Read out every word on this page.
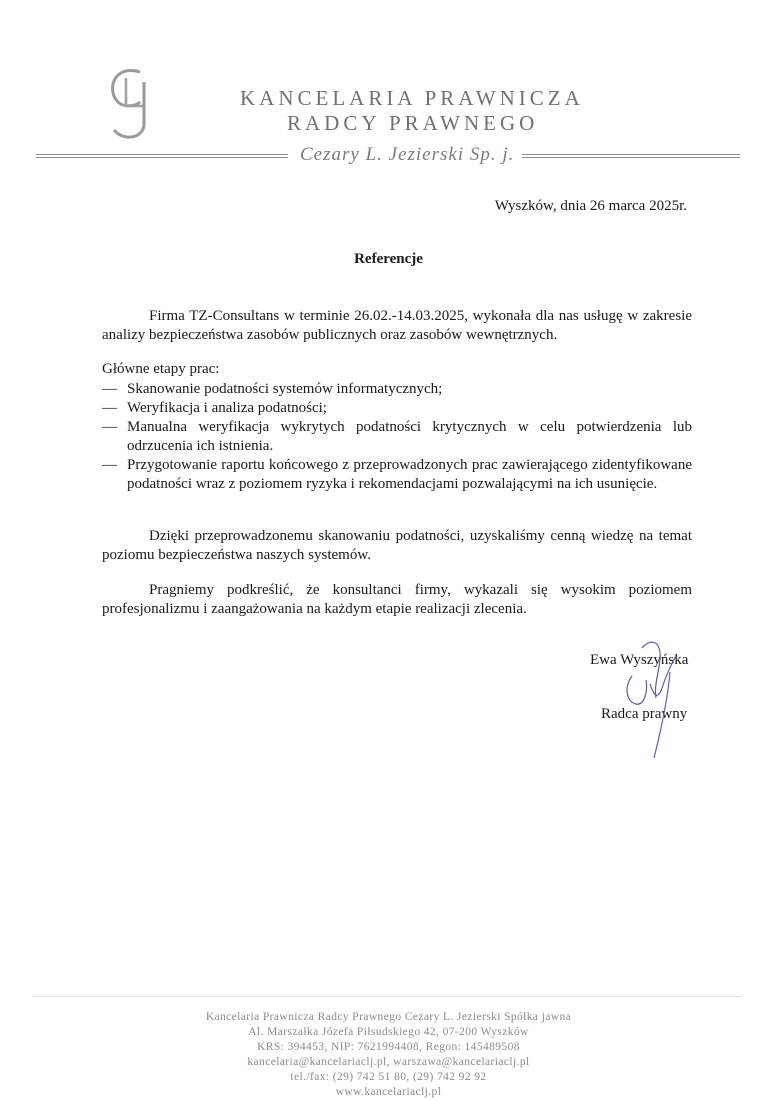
KANCELARIA PRAWNICZA
RADCY PRAWNEGO
Cezary L. Jezierski Sp. j.
Wyszków, dnia 26 marca 2025r.
Referencje
Firma TZ-Consultans w terminie 26.02.-14.03.2025, wykonała dla nas usługę w zakresie analizy bezpieczeństwa zasobów publicznych oraz zasobów wewnętrznych.
Główne etapy prac:
— Skanowanie podatności systemów informatycznych;
— Weryfikacja i analiza podatności;
— Manualna weryfikacja wykrytych podatności krytycznych w celu potwierdzenia lub odrzucenia ich istnienia.
— Przygotowanie raportu końcowego z przeprowadzonych prac zawierającego zidentyfikowane podatności wraz z poziomem ryzyka i rekomendacjami pozwalającymi na ich usunięcie.
Dzięki przeprowadzonemu skanowaniu podatności, uzyskaliśmy cenną wiedzę na temat poziomu bezpieczeństwa naszych systemów.
Pragniemy podkreślić, że konsultanci firmy, wykazali się wysokim poziomem profesjonalizmu i zaangażowania na każdym etapie realizacji zlecenia.
Ewa Wyszyńska
Radca prawny
Kancelaria Prawnicza Radcy Prawnego Cezary L. Jezierski Spółka jawna
Al. Marszałka Józefa Piłsudskiego 42, 07-200 Wyszków
KRS: 394453, NIP: 7621994408, Regon: 145489508
kancelaria@kancelariaclj.pl, warszawa@kancelariaclj.pl
tel./fax: (29) 742 51 80, (29) 742 92 92
www.kancelariaclj.pl
